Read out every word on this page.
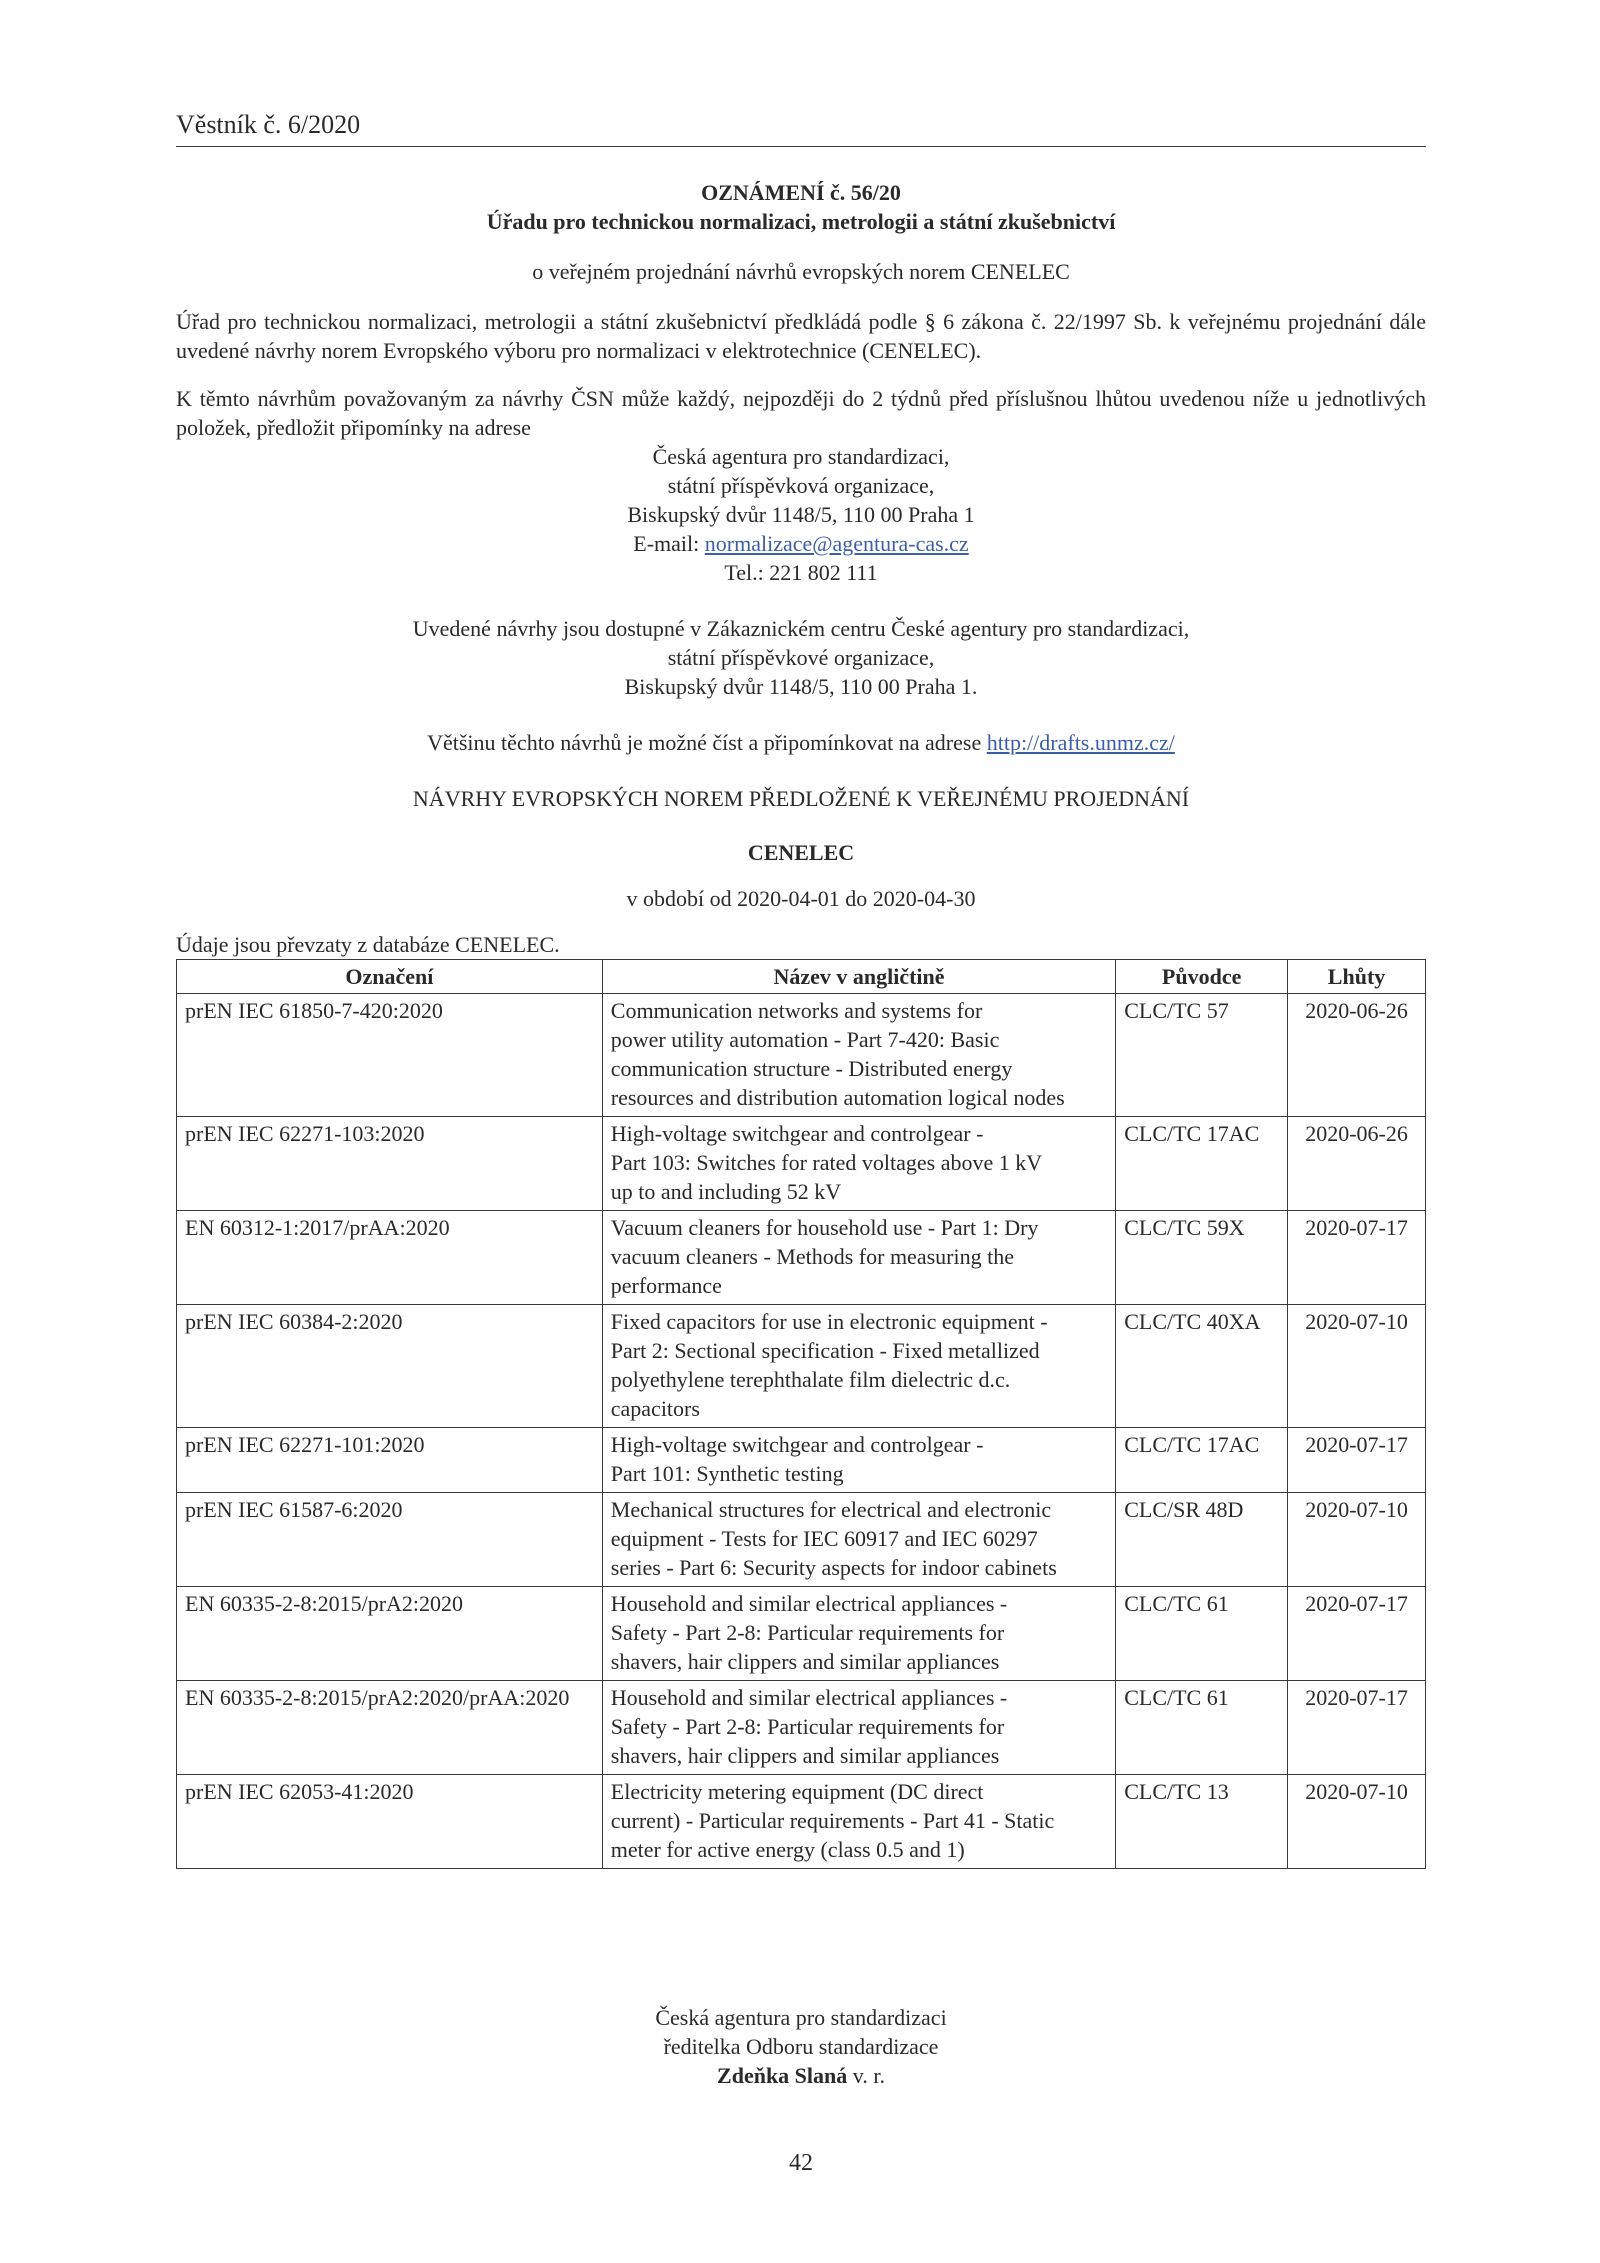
Věstník č. 6/2020

OZNÁMENÍ č. 56/20

Úřadu pro technickou normalizaci, metrologii a státní zkušebnictví

o veřejném projednání návrhů evropských norem CENELEC

Úřad pro technickou normalizaci, metrologii a státní zkušebnictví předkládá podle § 6 zákona č. 22/1997 Sb. k veřejnému projednání dále uvedené návrhy norem Evropského výboru pro normalizaci v elektrotechnice (CENELEC).

K těmto návrhům považovaným za návrhy ČSN může každý, nejpozději do 2 týdnů před příslušnou lhůtou uvedenou níže u jednotlivých položek, předložit připomínky na adrese

Česká agentura pro standardizaci,

státní příspěvková organizace,

Biskupský dvůr 1148/5, 110 00 Praha 1

E-mail: normalizace@agentura-cas.cz

Tel.: 221 802 111

Uvedené návrhy jsou dostupné v Zákaznickém centru České agentury pro standardizaci,

státní příspěvkové organizace,

Biskupský dvůr 1148/5, 110 00 Praha 1.

Většinu těchto návrhů je možné číst a připomínkovat na adrese http://drafts.unmz.cz/

NÁVRHY EVROPSKÝCH NOREM PŘEDLOŽENÉ K VEŘEJNÉMU PROJEDNÁNÍ

CENELEC

v období od 2020-04-01 do 2020-04-30

Údaje jsou převzaty z databáze CENELEC.

Označení	Název v angličtině	Původce	Lhůty
prEN IEC 61850-7-420:2020	Communication networks and systems for
power utility automation - Part 7-420: Basic
communication structure - Distributed energy
resources and distribution automation logical nodes	CLC/TC 57	2020-06-26
prEN IEC 62271-103:2020	High-voltage switchgear and controlgear -
Part 103: Switches for rated voltages above 1 kV
up to and including 52 kV	CLC/TC 17AC	2020-06-26
EN 60312-1:2017/prAA:2020	Vacuum cleaners for household use - Part 1: Dry
vacuum cleaners - Methods for measuring the
performance	CLC/TC 59X	2020-07-17
prEN IEC 60384-2:2020	Fixed capacitors for use in electronic equipment -
Part 2: Sectional specification - Fixed metallized
polyethylene terephthalate film dielectric d.c.
capacitors	CLC/TC 40XA	2020-07-10
prEN IEC 62271-101:2020	High-voltage switchgear and controlgear -
Part 101: Synthetic testing	CLC/TC 17AC	2020-07-17
prEN IEC 61587-6:2020	Mechanical structures for electrical and electronic
equipment - Tests for IEC 60917 and IEC 60297
series - Part 6: Security aspects for indoor cabinets	CLC/SR 48D	2020-07-10
EN 60335-2-8:2015/prA2:2020	Household and similar electrical appliances -
Safety - Part 2-8: Particular requirements for
shavers, hair clippers and similar appliances	CLC/TC 61	2020-07-17
EN 60335-2-8:2015/prA2:2020/prAA:2020	Household and similar electrical appliances -
Safety - Part 2-8: Particular requirements for
shavers, hair clippers and similar appliances	CLC/TC 61	2020-07-17
prEN IEC 62053-41:2020	Electricity metering equipment (DC direct
current) - Particular requirements - Part 41 - Static
meter for active energy (class 0.5 and 1)	CLC/TC 13	2020-07-10

Česká agentura pro standardizaci

ředitelka Odboru standardizace

Zdeňka Slaná v. r.

42
